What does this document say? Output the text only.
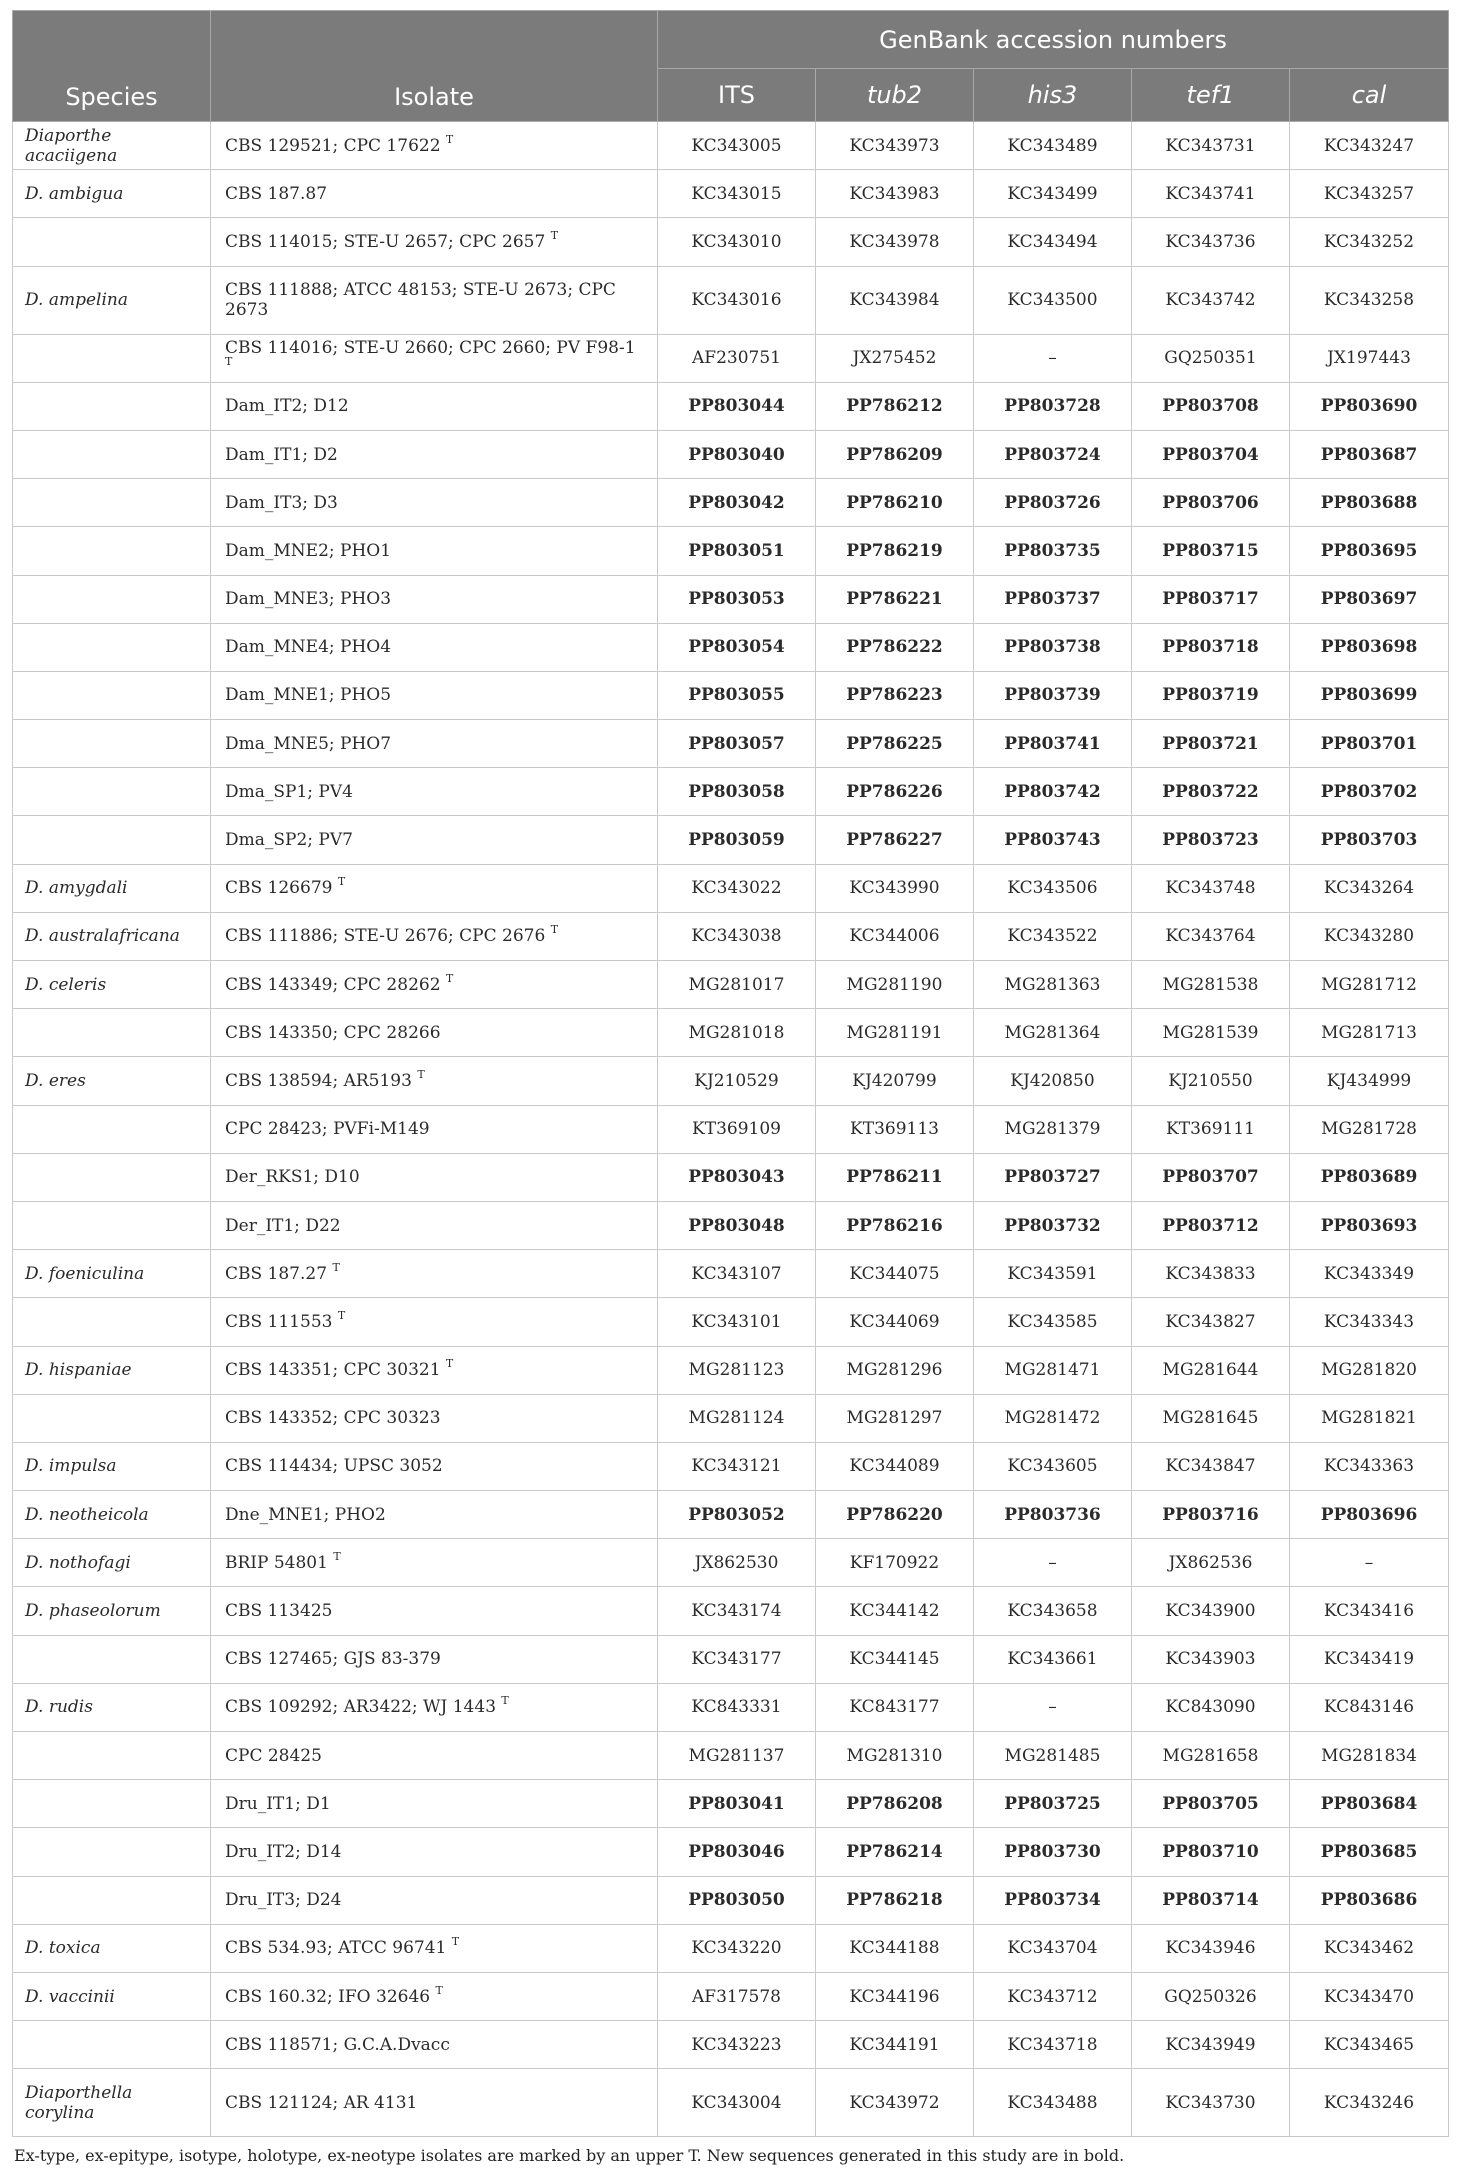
Species	Isolate	GenBank accession numbers				
		ITS	tub2	his3	tef1	cal
Diaporthe acaciigena	CBS 129521; CPC 17622 $^T$	KC343005	KC343973	KC343489	KC343731	KC343247
D. ambigua	CBS 187.87	KC343015	KC343983	KC343499	KC343741	KC343257
	CBS 114015; STE-U 2657; CPC 2657 $^T$	KC343010	KC343978	KC343494	KC343736	KC343252
D. ampelina	CBS 111888; ATCC 48153; STE-U 2673; CPC 2673	KC343016	KC343984	KC343500	KC343742	KC343258
	CBS 114016; STE-U 2660; CPC 2660; PV F98-1 $^T$	AF230751	JX275452	–	GQ250351	JX197443
	Dam_IT2; D12	PP803044	PP786212	PP803728	PP803708	PP803690
	Dam_IT1; D2	PP803040	PP786209	PP803724	PP803704	PP803687
	Dam_IT3; D3	PP803042	PP786210	PP803726	PP803706	PP803688
	Dam_MNE2; PHO1	PP803051	PP786219	PP803735	PP803715	PP803695
	Dam_MNE3; PHO3	PP803053	PP786221	PP803737	PP803717	PP803697
	Dam_MNE4; PHO4	PP803054	PP786222	PP803738	PP803718	PP803698
	Dam_MNE1; PHO5	PP803055	PP786223	PP803739	PP803719	PP803699
	Dma_MNE5; PHO7	PP803057	PP786225	PP803741	PP803721	PP803701
	Dma_SP1; PV4	PP803058	PP786226	PP803742	PP803722	PP803702
	Dma_SP2; PV7	PP803059	PP786227	PP803743	PP803723	PP803703
D. amygdali	CBS 126679 $^T$	KC343022	KC343990	KC343506	KC343748	KC343264
D. australafricana	CBS 111886; STE-U 2676; CPC 2676 $^T$	KC343038	KC344006	KC343522	KC343764	KC343280
D. celeris	CBS 143349; CPC 28262 $^T$	MG281017	MG281190	MG281363	MG281538	MG281712
	CBS 143350; CPC 28266	MG281018	MG281191	MG281364	MG281539	MG281713
D. eres	CBS 138594; AR5193 $^T$	KJ210529	KJ420799	KJ420850	KJ210550	KJ434999
	CPC 28423; PVFi-M149	KT369109	KT369113	MG281379	KT369111	MG281728
	Der_RKS1; D10	PP803043	PP786211	PP803727	PP803707	PP803689
	Der_IT1; D22	PP803048	PP786216	PP803732	PP803712	PP803693
D. foeniculina	CBS 187.27 $^T$	KC343107	KC344075	KC343591	KC343833	KC343349
	CBS 111553 $^T$	KC343101	KC344069	KC343585	KC343827	KC343343
D. hispaniae	CBS 143351; CPC 30321 $^T$	MG281123	MG281296	MG281471	MG281644	MG281820
	CBS 143352; CPC 30323	MG281124	MG281297	MG281472	MG281645	MG281821
D. impulsa	CBS 114434; UPSC 3052	KC343121	KC344089	KC343605	KC343847	KC343363
D. neotheicola	Dne_MNE1; PHO2	PP803052	PP786220	PP803736	PP803716	PP803696
D. nothofagi	BRIP 54801 $^T$	JX862530	KF170922	–	JX862536	–
D. phaseolorum	CBS 113425	KC343174	KC344142	KC343658	KC343900	KC343416
	CBS 127465; GJS 83-379	KC343177	KC344145	KC343661	KC343903	KC343419
D. rudis	CBS 109292; AR3422; WJ 1443 $^T$	KC843331	KC843177	–	KC843090	KC843146
	CPC 28425	MG281137	MG281310	MG281485	MG281658	MG281834
	Dru_IT1; D1	PP803041	PP786208	PP803725	PP803705	PP803684
	Dru_IT2; D14	PP803046	PP786214	PP803730	PP803710	PP803685
	Dru_IT3; D24	PP803050	PP786218	PP803734	PP803714	PP803686
D. toxica	CBS 534.93; ATCC 96741 $^T$	KC343220	KC344188	KC343704	KC343946	KC343462
D. vaccinii	CBS 160.32; IFO 32646 $^T$	AF317578	KC344196	KC343712	GQ250326	KC343470
	CBS 118571; G.C.A.Dvacc	KC343223	KC344191	KC343718	KC343949	KC343465
Diaporthella corylina	CBS 121124; AR 4131	KC343004	KC343972	KC343488	KC343730	KC343246
Ex-type, ex-epitype, isotype, holotype, ex-neotype isolates are marked by an upper T. New sequences generated in this study are in bold.
